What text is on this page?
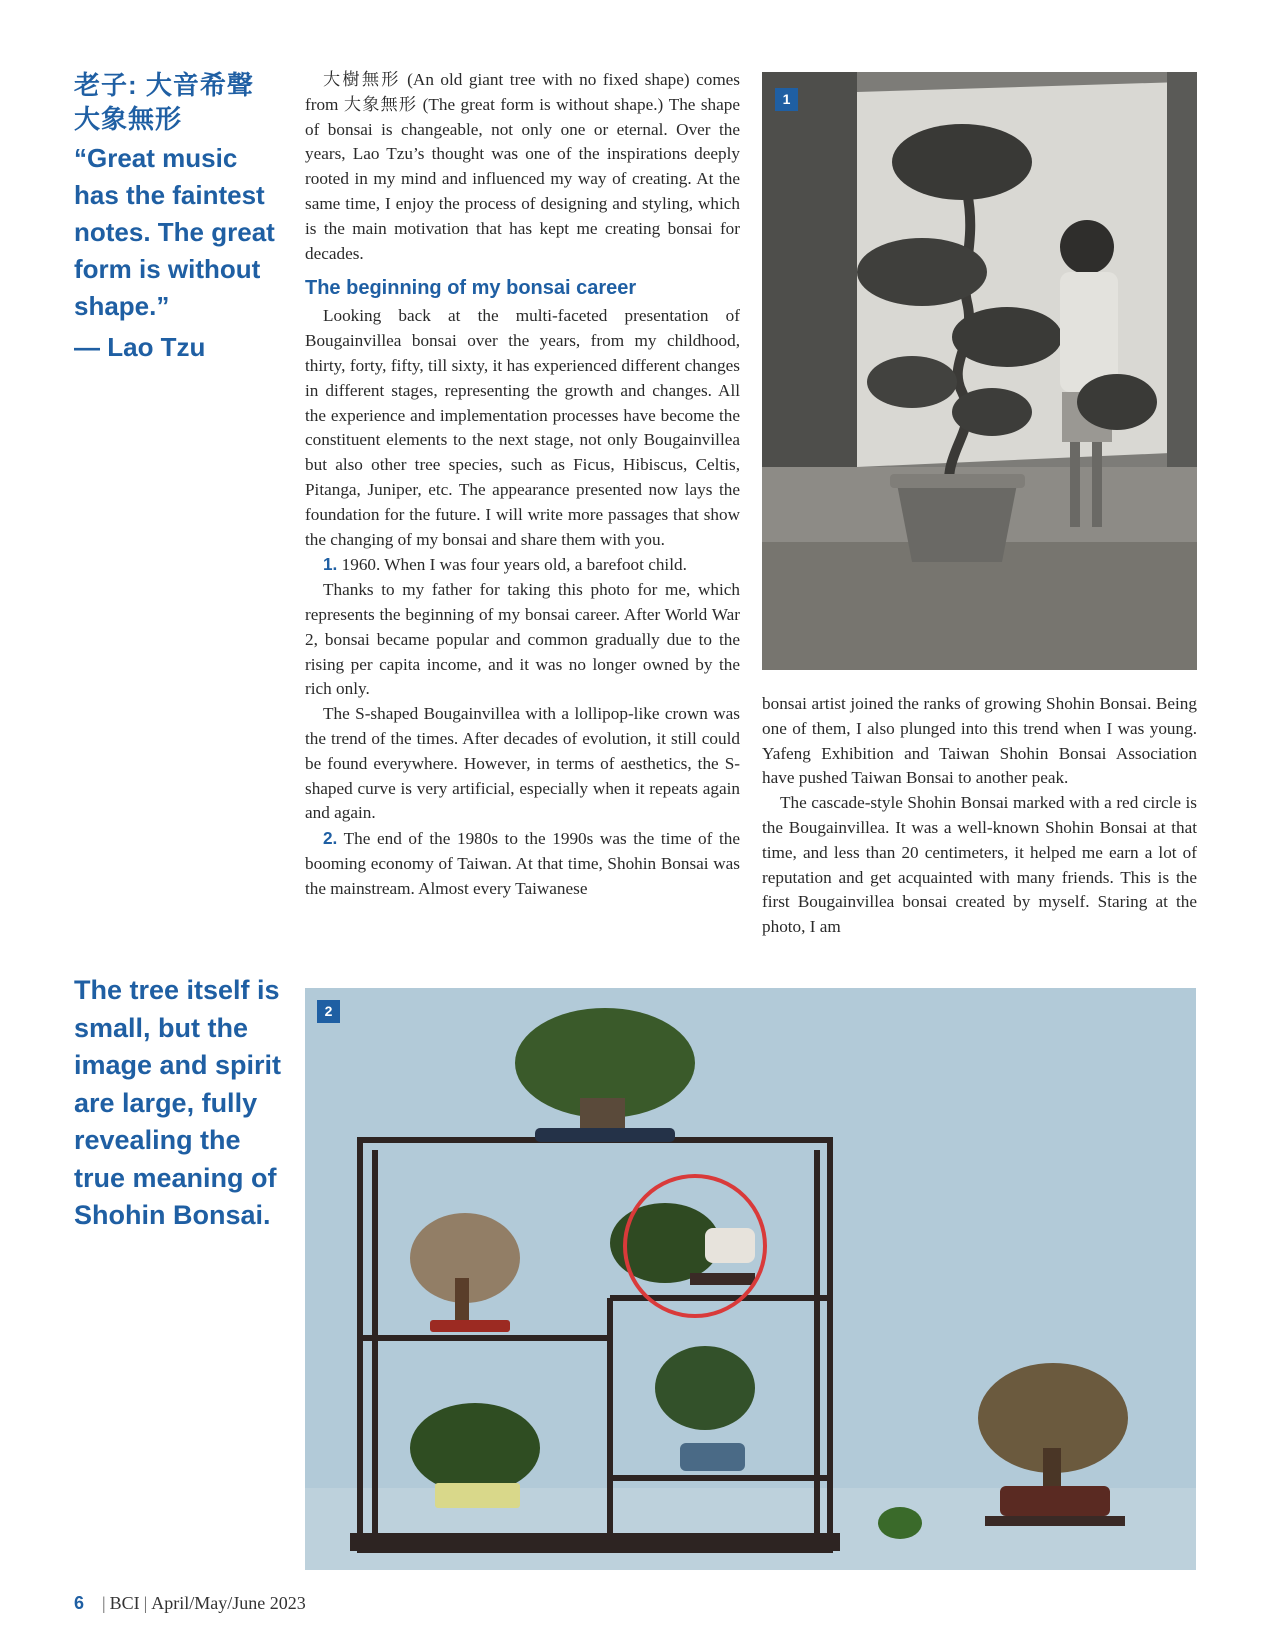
老子: 大音希聲
大象無形
“Great music has the faintest notes. The great form is without shape.”
— Lao Tzu
The tree itself is small, but the image and spirit are large, fully revealing the true meaning of Shohin Bonsai.

大樹無形 (An old giant tree with no fixed shape) comes from 大象無形 (The great form is without shape.) The shape of bonsai is changeable, not only one or eternal. Over the years, Lao Tzu’s thought was one of the inspirations deeply rooted in my mind and influenced my way of creating. At the same time, I enjoy the process of designing and styling, which is the main motivation that has kept me creating bonsai for decades.

The beginning of my bonsai career

Looking back at the multi-faceted presentation of Bougainvillea bonsai over the years, from my childhood, thirty, forty, fifty, till sixty, it has experienced different changes in different stages, representing the growth and changes. All the experience and implementation processes have become the constituent elements to the next stage, not only Bougainvillea but also other tree species, such as Ficus, Hibiscus, Celtis, Pitanga, Juniper, etc. The appearance presented now lays the foundation for the future. I will write more passages that show the changing of my bonsai and share them with you.

1. 1960. When I was four years old, a barefoot child.

Thanks to my father for taking this photo for me, which represents the beginning of my bonsai career. After World War 2, bonsai became popular and common gradually due to the rising per capita income, and it was no longer owned by the rich only.

The S-shaped Bougainvillea with a lollipop-like crown was the trend of the times. After decades of evolution, it still could be found everywhere. However, in terms of aesthetics, the S-shaped curve is very artificial, especially when it repeats again and again.

2. The end of the 1980s to the 1990s was the time of the booming economy of Taiwan. At that time, Shohin Bonsai was the mainstream. Almost every Taiwanese

1

bonsai artist joined the ranks of growing Shohin Bonsai. Being one of them, I also plunged into this trend when I was young. Yafeng Exhibition and Taiwan Shohin Bonsai Association have pushed Taiwan Bonsai to another peak.

The cascade-style Shohin Bonsai marked with a red circle is the Bougainvillea. It was a well-known Shohin Bonsai at that time, and less than 20 centimeters, it helped me earn a lot of reputation and get acquainted with many friends. This is the first Bougainvillea bonsai created by myself. Staring at the photo, I am

2
6 | BCI | April/May/June 2023
